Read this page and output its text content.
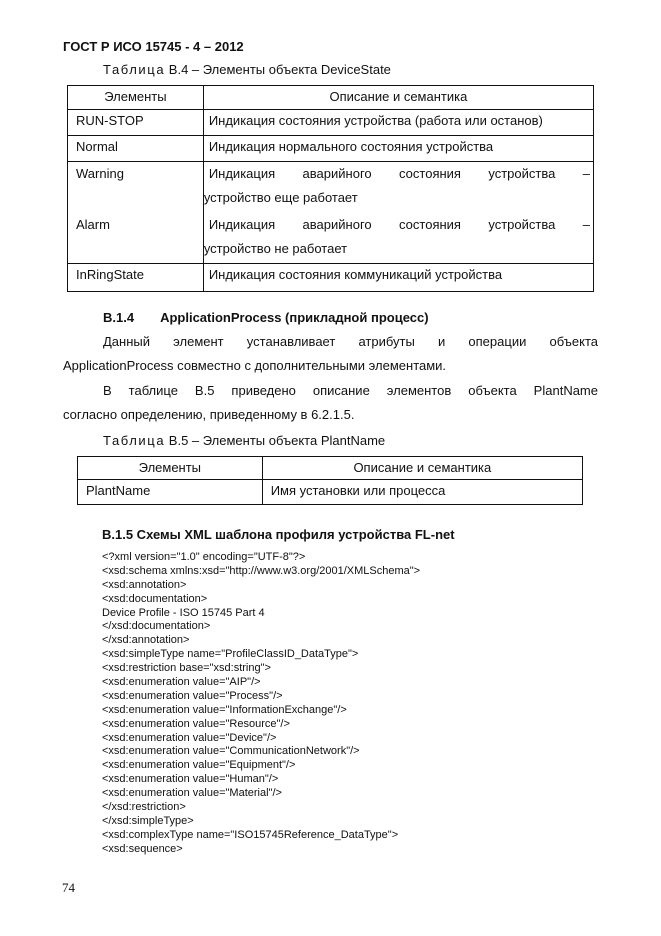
ГОСТ Р ИСО 15745 - 4 – 2012
Таблица В.4 – Элементы объекта DeviceState
Элементы	Описание и семантика
RUN-STOP	Индикация состояния устройства (работа или останов)
Normal	Индикация нормального состояния устройства
Warning	Индикация аварийного состояния устройства –
устройство еще работает

Alarm	Индикация аварийного состояния устройства –
устройство не работает

InRingState	Индикация состояния коммуникаций устройства
B.1.4 ApplicationProcess (прикладной процесс)
Данный элемент устанавливает атрибуты и операции объекта
ApplicationProcess совместно с дополнительными элементами.
В таблице В.5 приведено описание элементов объекта PlantName
согласно определению, приведенному в 6.2.1.5.
Таблица В.5 – Элементы объекта PlantName
Элементы	Описание и семантика
PlantName	Имя установки или процесса
B.1.5 Схемы XML шаблона профиля устройства FL-net
<?xml version="1.0" encoding="UTF-8"?>
<xsd:schema xmlns:xsd="http://www.w3.org/2001/XMLSchema">
<xsd:annotation>
<xsd:documentation>
Device Profile - ISO 15745 Part 4
</xsd:documentation>
</xsd:annotation>
<xsd:simpleType name="ProfileClassID_DataType">
<xsd:restriction base="xsd:string">
<xsd:enumeration value="AIP"/>
<xsd:enumeration value="Process"/>
<xsd:enumeration value="InformationExchange"/>
<xsd:enumeration value="Resource"/>
<xsd:enumeration value="Device"/>
<xsd:enumeration value="CommunicationNetwork"/>
<xsd:enumeration value="Equipment"/>
<xsd:enumeration value="Human"/>
<xsd:enumeration value="Material"/>
</xsd:restriction>
</xsd:simpleType>
<xsd:complexType name="ISO15745Reference_DataType">
<xsd:sequence>
74
